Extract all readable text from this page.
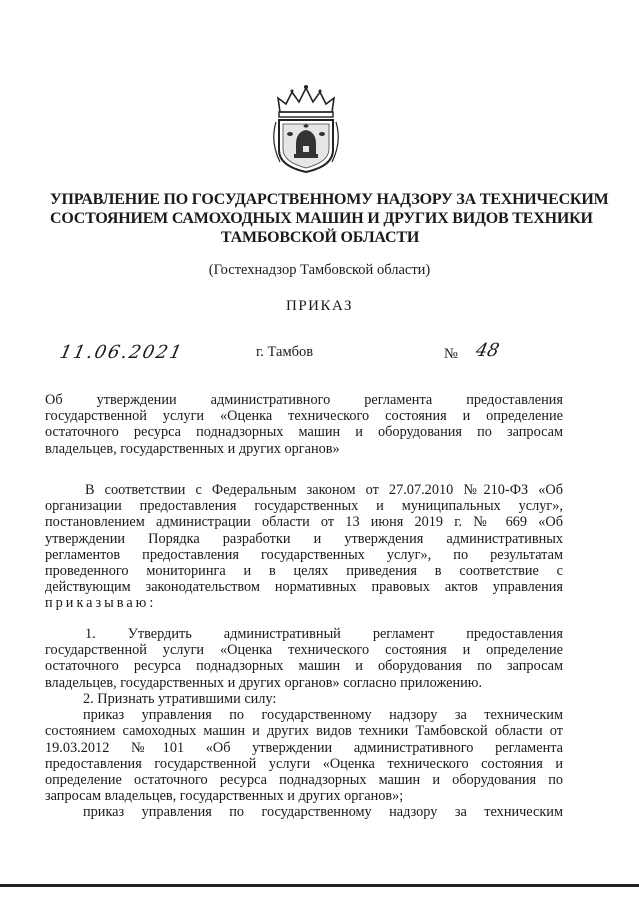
УПРАВЛЕНИЕ ПО ГОСУДАРСТВЕННОМУ НАДЗОРУ ЗА ТЕХНИЧЕСКИМ
СОСТОЯНИЕМ САМОХОДНЫХ МАШИН И ДРУГИХ ВИДОВ ТЕХНИКИ
ТАМБОВСКОЙ ОБЛАСТИ
(Гостехнадзор Тамбовской области)
ПРИКАЗ
11.06.2021	г. Тамбов	№ 48
Об утверждении административного регламента предоставления
государственной услуги «Оценка технического состояния и определение
остаточного ресурса поднадзорных машин и оборудования по запросам
владельцев, государственных и других органов»
В соответствии с Федеральным законом от 27.07.2010 №210-ФЗ «Об
организации предоставления государственных и муниципальных услуг»,
постановлением администрации области от 13 июня 2019 г. № 669 «Об
утверждении Порядка разработки и утверждения административных
регламентов предоставления государственных услуг», по результатам
проведенного мониторинга и в целях приведения в соответствие с
действующим законодательством нормативных правовых актов управления
приказываю:
1. Утвердить административный регламент предоставления
государственной услуги «Оценка технического состояния и определение
остаточного ресурса поднадзорных машин и оборудования по запросам
владельцев, государственных и других органов» согласно приложению.
2. Признать утратившими силу:
приказ управления по государственному надзору за техническим
состоянием самоходных машин и других видов техники Тамбовской области от
19.03.2012 №101 «Об утверждении административного регламента
предоставления государственной услуги «Оценка технического состояния и
определение остаточного ресурса поднадзорных машин и оборудования по
запросам владельцев, государственных и других органов»;
приказ управления по государственному надзору за техническим
